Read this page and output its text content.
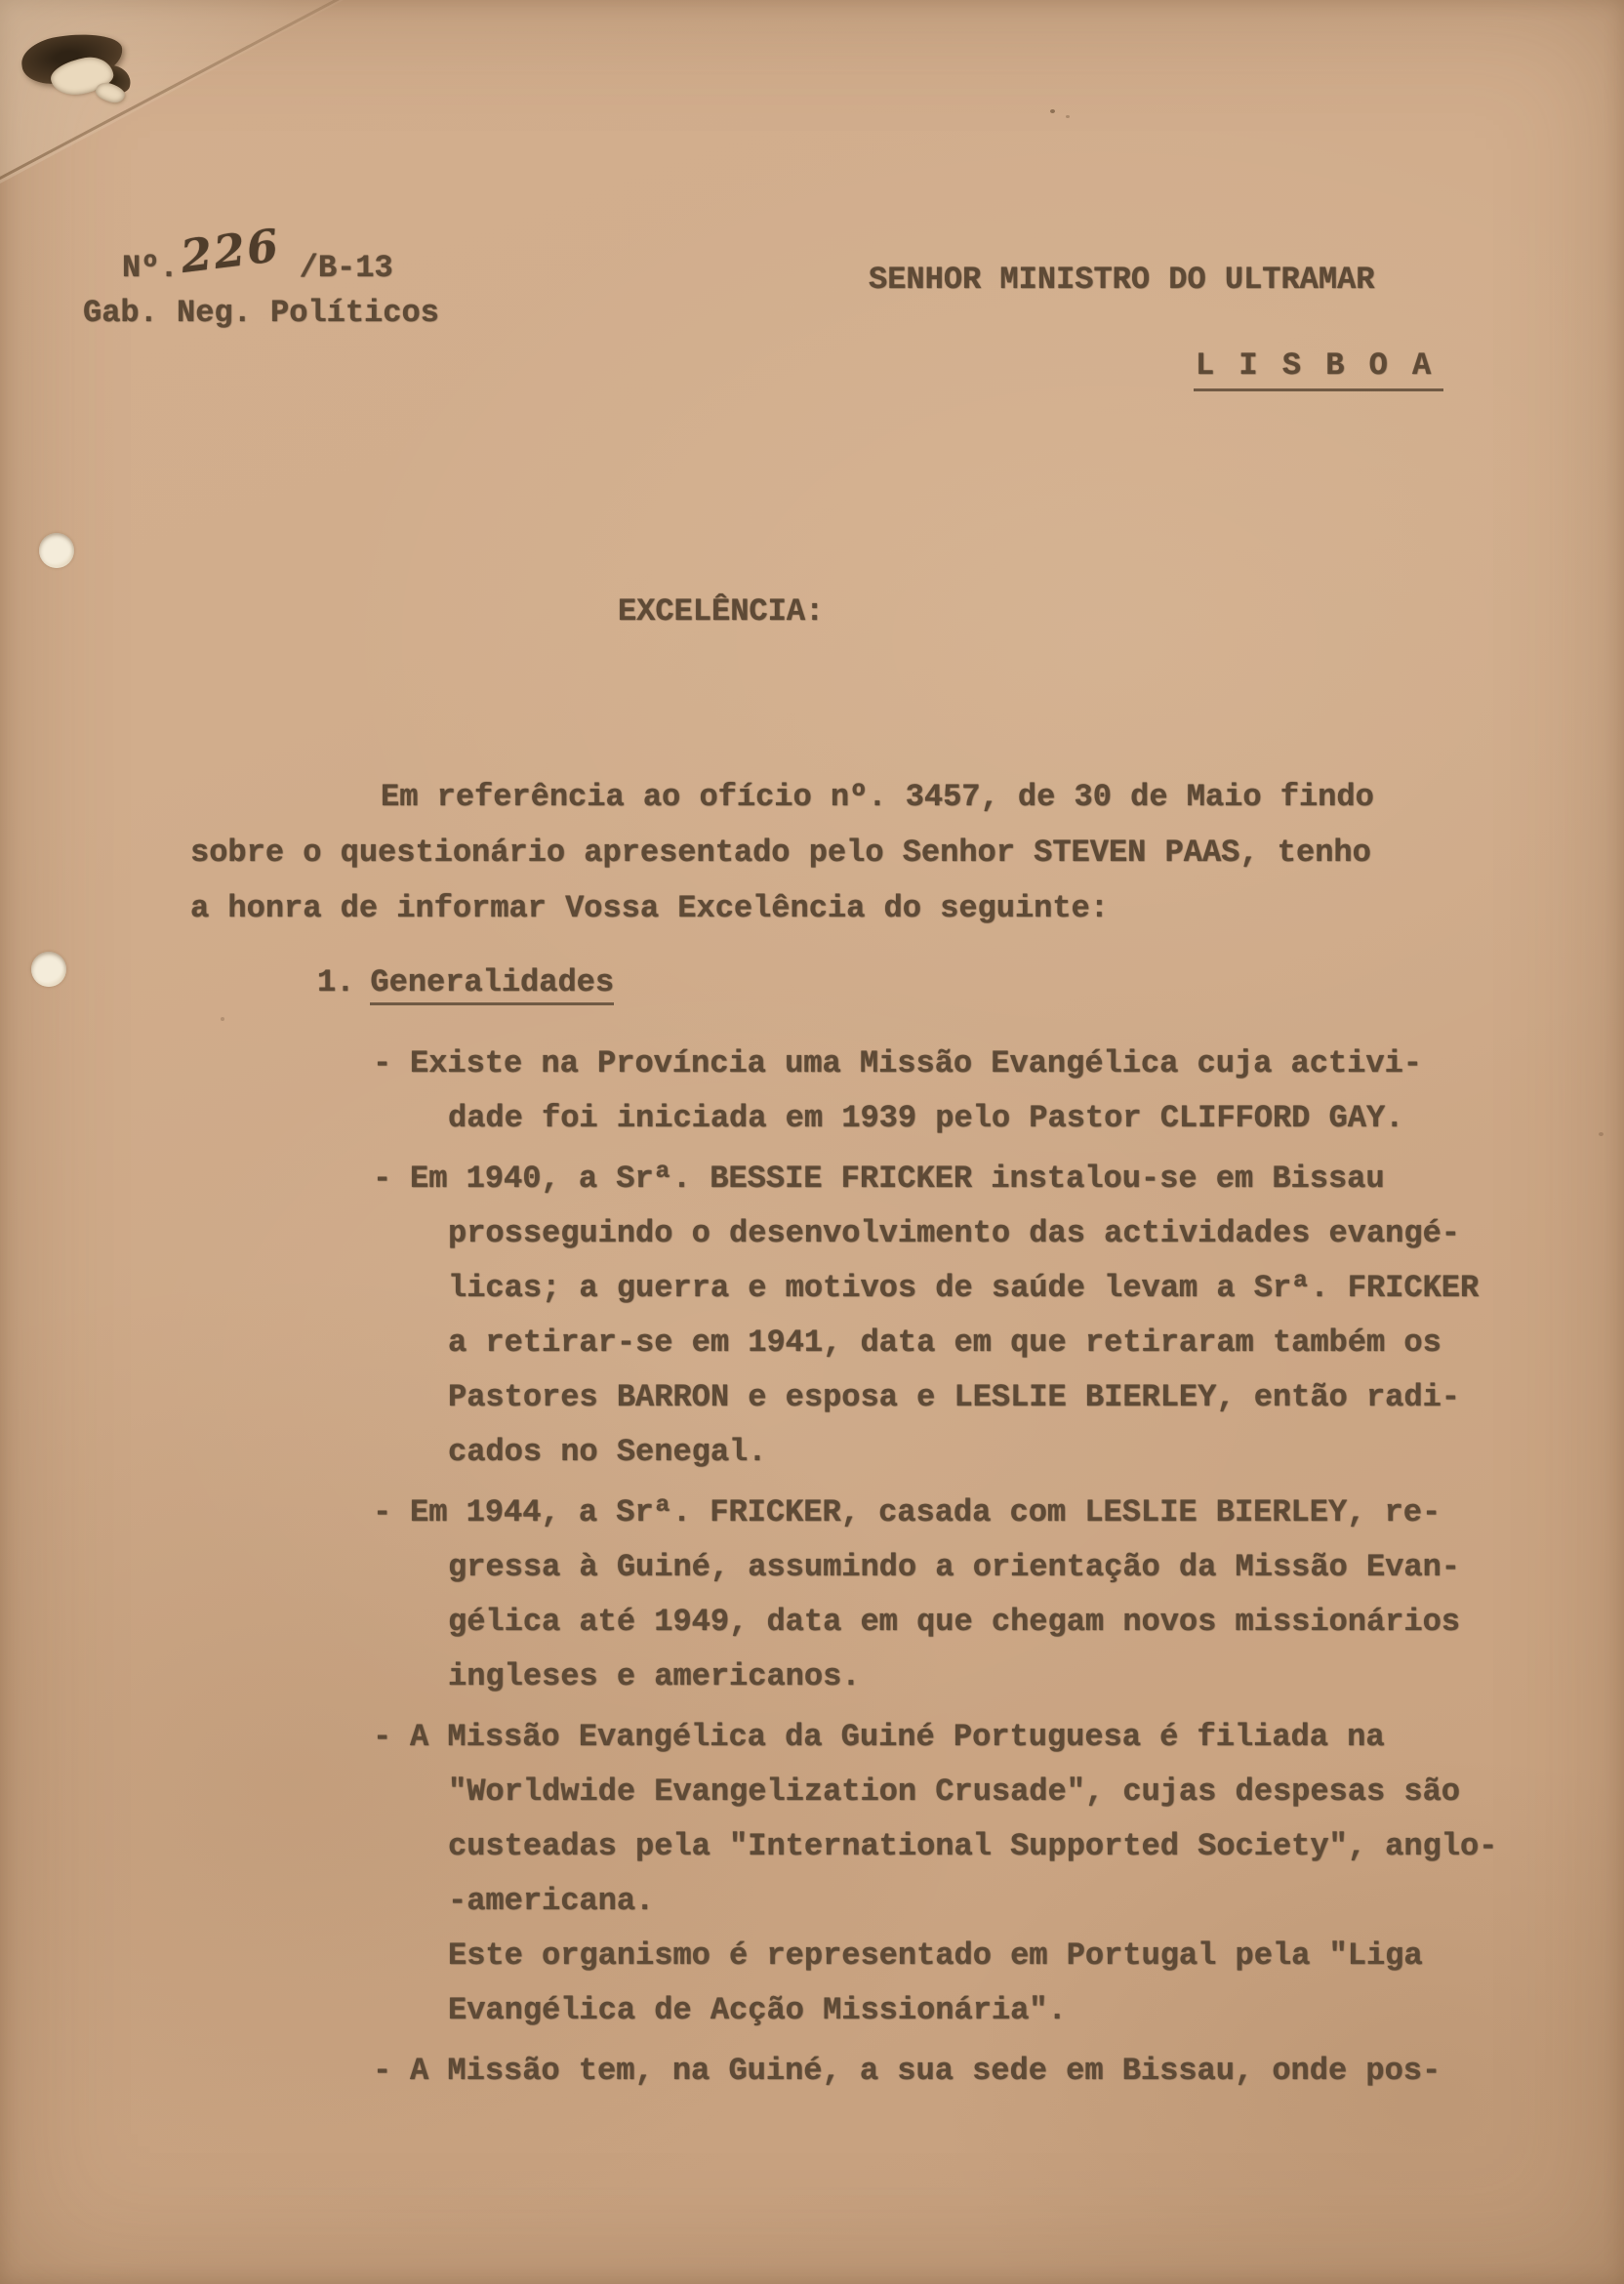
Nº.226 /B-13
Gab. Neg. Políticos
SENHOR MINISTRO DO ULTRAMAR
L I S B O A
EXCELÊNCIA:
Em referência ao ofício nº. 3457, de 30 de Maio findo
sobre o questionário apresentado pelo Senhor STEVEN PAAS, tenho
a honra de informar Vossa Excelência do seguinte:
1. Generalidades
- Existe na Província uma Missão Evangélica cuja activi-
dade foi iniciada em 1939 pelo Pastor CLIFFORD GAY.
- Em 1940, a Srª. BESSIE FRICKER instalou-se em Bissau
prosseguindo o desenvolvimento das actividades evangé-
licas; a guerra e motivos de saúde levam a Srª. FRICKER
a retirar-se em 1941, data em que retiraram também os
Pastores BARRON e esposa e LESLIE BIERLEY, então radi-
cados no Senegal.
- Em 1944, a Srª. FRICKER, casada com LESLIE BIERLEY, re-
gressa à Guiné, assumindo a orientação da Missão Evan-
gélica até 1949, data em que chegam novos missionários
ingleses e americanos.
- A Missão Evangélica da Guiné Portuguesa é filiada na
"Worldwide Evangelization Crusade", cujas despesas são
custeadas pela "International Supported Society", anglo-
-americana.
Este organismo é representado em Portugal pela "Liga
Evangélica de Acção Missionária".
- A Missão tem, na Guiné, a sua sede em Bissau, onde pos-
